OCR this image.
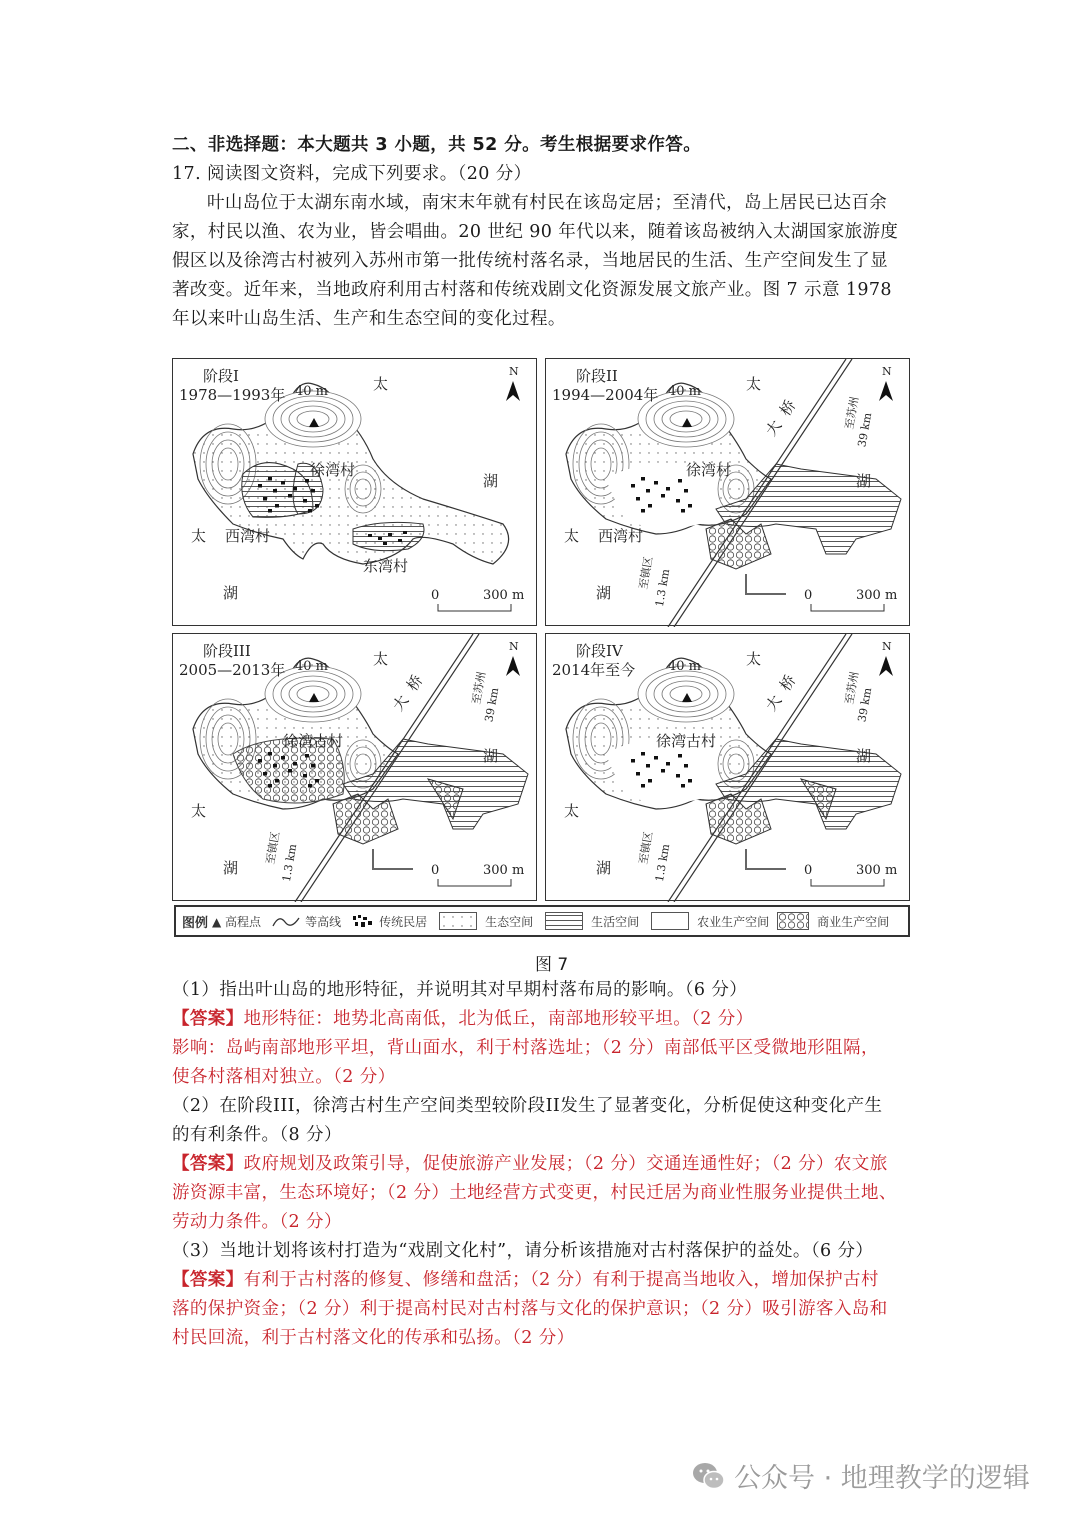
二、非选择题：本大题共 3 小题，共 52 分。考生根据要求作答。
17. 阅读图文资料，完成下列要求。（20 分）
叶山岛位于太湖东南水域，南宋末年就有村民在该岛定居；至清代，岛上居民已达百余
家，村民以渔、农为业，皆会唱曲。20 世纪 90 年代以来，随着该岛被纳入太湖国家旅游度
假区以及徐湾古村被列入苏州市第一批传统村落名录，当地居民的生活、生产空间发生了显
著改变。近年来，当地政府利用古村落和传统戏剧文化资源发展文旅产业。图 7 示意 1978
年以来叶山岛生活、生产和生态空间的变化过程。
阶段I
1978—1993年 40 m
N
0	300 m
太
湖
太
湖
徐湾村
西湾村
东湾村
阶段II
1994—2004年 40 m
N
0	300 m
太
湖
太
湖
徐湾村
西湾村
大  桥	至苏州
39 km
至镇区
1.3 km
阶段III
2005—2013年 40 m
N
0	300 m
太
湖
太
湖
徐湾古村
大  桥	至苏州
39 km
至镇区
1.3 km
阶段IV
2014年至今	40 m
N
0	300 m
太
湖
太
湖
徐湾古村
大  桥	至苏州
39 km
至镇区
1.3 km
图例 ▲ 高程点	等高线	传统民居	生态空间	生活空间	农业生产空间	商业生产空间
图 7
（1）指出叶山岛的地形特征，并说明其对早期村落布局的影响。（6 分）
【答案】地形特征：地势北高南低，北为低丘，南部地形较平坦。（2 分）
影响：岛屿南部地形平坦，背山面水，利于村落选址；（2 分）南部低平区受微地形阻隔，
使各村落相对独立。（2 分）
（2）在阶段III，徐湾古村生产空间类型较阶段II发生了显著变化，分析促使这种变化产生
的有利条件。（8 分）
【答案】政府规划及政策引导，促使旅游产业发展；（2 分）交通连通性好；（2 分）农文旅
游资源丰富，生态环境好；（2 分）土地经营方式变更，村民迁居为商业性服务业提供土地、
劳动力条件。（2 分）
（3）当地计划将该村打造为“戏剧文化村”，请分析该措施对古村落保护的益处。（6 分）
【答案】有利于古村落的修复、修缮和盘活；（2 分）有利于提高当地收入，增加保护古村
落的保护资金；（2 分）利于提高村民对古村落与文化的保护意识；（2 分）吸引游客入岛和
村民回流，利于古村落文化的传承和弘扬。（2 分）
公众号 · 地理教学的逻辑
